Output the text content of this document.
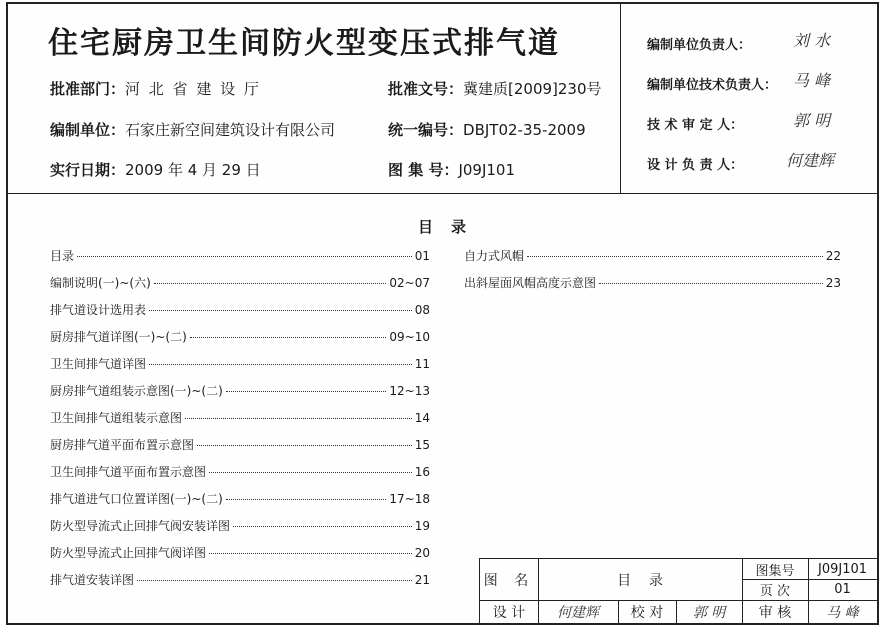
住宅厨房卫生间防火型变压式排气道
批准部门：河 北 省 建 设 厅	批准文号：冀建质[2009]230号
编制单位：石家庄新空间建筑设计有限公司	统一编号：DBJT02-35-2009
实行日期：2009 年 4 月 29 日	图 集 号：J09J101
编制单位负责人：	刘 水
编制单位技术负责人： 马 峰
技 术 审 定 人：	郭 明
设 计 负 责 人：	何建辉
目录
目录	01
编制说明(一)~(六)	02~07
排气道设计选用表	08
厨房排气道详图(一)~(二)	09~10
卫生间排气道详图	11
厨房排气道组装示意图(一)~(二)	12~13
卫生间排气道组装示意图	14
厨房排气道平面布置示意图	15
卫生间排气道平面布置示意图	16
排气道进气口位置详图(一)~(二)	17~18
防火型导流式止回排气阀安装详图	19
防火型导流式止回排气阀详图	20
排气道安装详图	21
自力式风帽	22
出斜屋面风帽高度示意图	23
图 名	目    录
图集号	J09J101
页 次	01
设 计	何建辉	校 对	郭 明	审 核	马 峰
